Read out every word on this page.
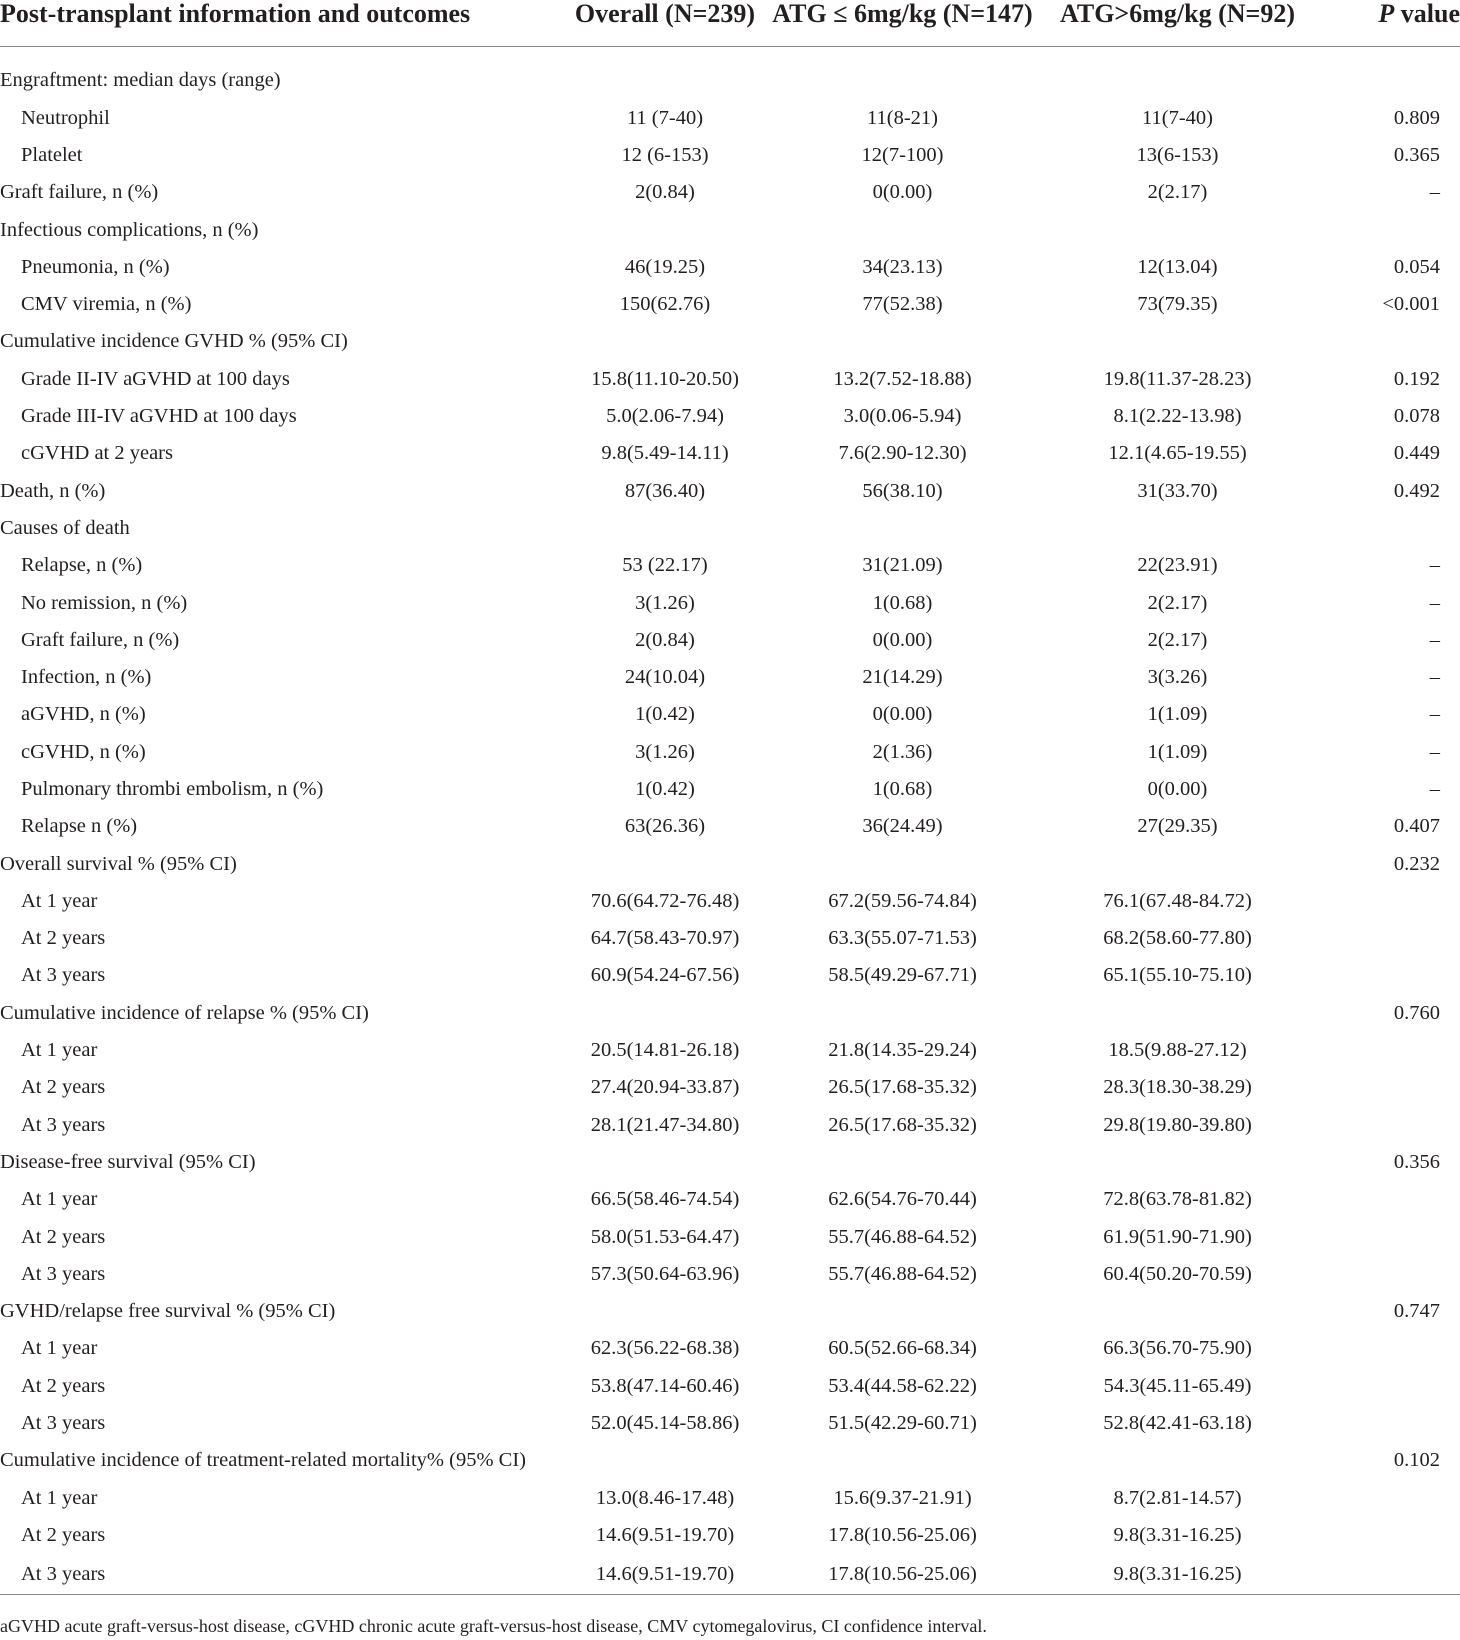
Post-transplant information and outcomes	Overall (N=239)	ATG ≤ 6mg/kg (N=147)	ATG>6mg/kg (N=92)	P value
Engraftment: median days (range)				
Neutrophil	11 (7-40)	11(8-21)	11(7-40)	0.809
Platelet	12 (6-153)	12(7-100)	13(6-153)	0.365
Graft failure, n (%)	2(0.84)	0(0.00)	2(2.17)	–
Infectious complications, n (%)				
Pneumonia, n (%)	46(19.25)	34(23.13)	12(13.04)	0.054
CMV viremia, n (%)	150(62.76)	77(52.38)	73(79.35)	<0.001
Cumulative incidence GVHD % (95% CI)				
Grade II-IV aGVHD at 100 days	15.8(11.10-20.50)	13.2(7.52-18.88)	19.8(11.37-28.23)	0.192
Grade III-IV aGVHD at 100 days	5.0(2.06-7.94)	3.0(0.06-5.94)	8.1(2.22-13.98)	0.078
cGVHD at 2 years	9.8(5.49-14.11)	7.6(2.90-12.30)	12.1(4.65-19.55)	0.449
Death, n (%)	87(36.40)	56(38.10)	31(33.70)	0.492
Causes of death				
Relapse, n (%)	53 (22.17)	31(21.09)	22(23.91)	–
No remission, n (%)	3(1.26)	1(0.68)	2(2.17)	–
Graft failure, n (%)	2(0.84)	0(0.00)	2(2.17)	–
Infection, n (%)	24(10.04)	21(14.29)	3(3.26)	–
aGVHD, n (%)	1(0.42)	0(0.00)	1(1.09)	–
cGVHD, n (%)	3(1.26)	2(1.36)	1(1.09)	–
Pulmonary thrombi embolism, n (%)	1(0.42)	1(0.68)	0(0.00)	–
Relapse n (%)	63(26.36)	36(24.49)	27(29.35)	0.407
Overall survival % (95% CI)				0.232
At 1 year	70.6(64.72-76.48)	67.2(59.56-74.84)	76.1(67.48-84.72)	
At 2 years	64.7(58.43-70.97)	63.3(55.07-71.53)	68.2(58.60-77.80)	
At 3 years	60.9(54.24-67.56)	58.5(49.29-67.71)	65.1(55.10-75.10)	
Cumulative incidence of relapse % (95% CI)				0.760
At 1 year	20.5(14.81-26.18)	21.8(14.35-29.24)	18.5(9.88-27.12)	
At 2 years	27.4(20.94-33.87)	26.5(17.68-35.32)	28.3(18.30-38.29)	
At 3 years	28.1(21.47-34.80)	26.5(17.68-35.32)	29.8(19.80-39.80)	
Disease-free survival (95% CI)				0.356
At 1 year	66.5(58.46-74.54)	62.6(54.76-70.44)	72.8(63.78-81.82)	
At 2 years	58.0(51.53-64.47)	55.7(46.88-64.52)	61.9(51.90-71.90)	
At 3 years	57.3(50.64-63.96)	55.7(46.88-64.52)	60.4(50.20-70.59)	
GVHD/relapse free survival % (95% CI)				0.747
At 1 year	62.3(56.22-68.38)	60.5(52.66-68.34)	66.3(56.70-75.90)	
At 2 years	53.8(47.14-60.46)	53.4(44.58-62.22)	54.3(45.11-65.49)	
At 3 years	52.0(45.14-58.86)	51.5(42.29-60.71)	52.8(42.41-63.18)	
Cumulative incidence of treatment-related mortality% (95% CI)				0.102
At 1 year	13.0(8.46-17.48)	15.6(9.37-21.91)	8.7(2.81-14.57)	
At 2 years	14.6(9.51-19.70)	17.8(10.56-25.06)	9.8(3.31-16.25)	
At 3 years	14.6(9.51-19.70)	17.8(10.56-25.06)	9.8(3.31-16.25)	
aGVHD acute graft-versus-host disease, cGVHD chronic acute graft-versus-host disease, CMV cytomegalovirus, CI confidence interval.
